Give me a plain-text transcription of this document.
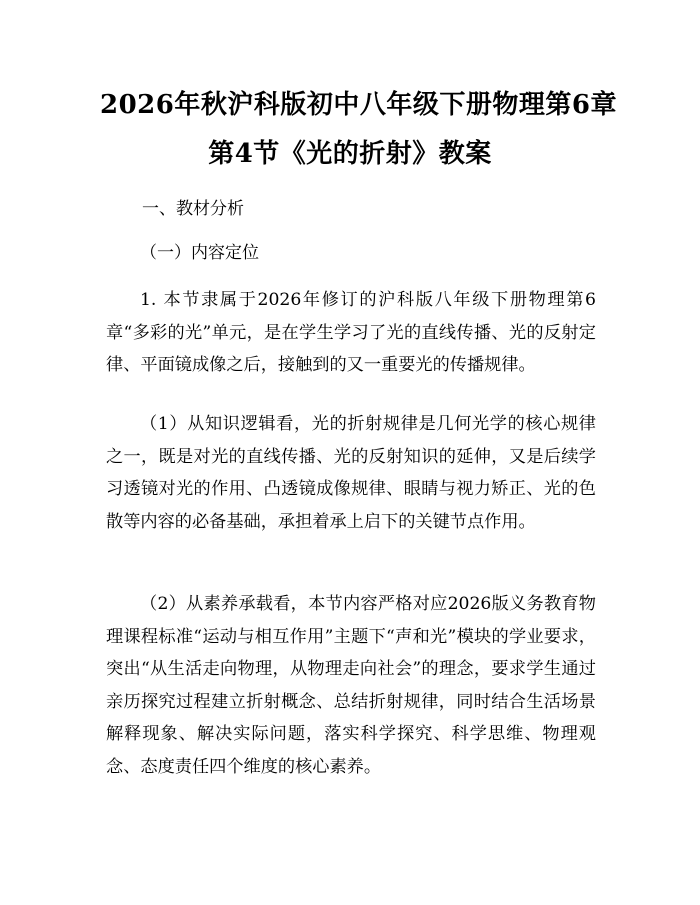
2026年秋沪科版初中八年级下册物理第6章
第4节《光的折射》教案
一、教材分析
（一）内容定位

1. 本节隶属于2026年修订的沪科版八年级下册物理第6章“多彩的光”单元，是在学生学习了光的直线传播、光的反射定律、平面镜成像之后，接触到的又一重要光的传播规律。

（1）从知识逻辑看，光的折射规律是几何光学的核心规律之一，既是对光的直线传播、光的反射知识的延伸，又是后续学习透镜对光的作用、凸透镜成像规律、眼睛与视力矫正、光的色散等内容的必备基础，承担着承上启下的关键节点作用。

（2）从素养承载看，本节内容严格对应2026版义务教育物理课程标准“运动与相互作用”主题下“声和光”模块的学业要求，突出“从生活走向物理，从物理走向社会”的理念，要求学生通过亲历探究过程建立折射概念、总结折射规律，同时结合生活场景解释现象、解决实际问题，落实科学探究、科学思维、物理观念、态度责任四个维度的核心素养。
